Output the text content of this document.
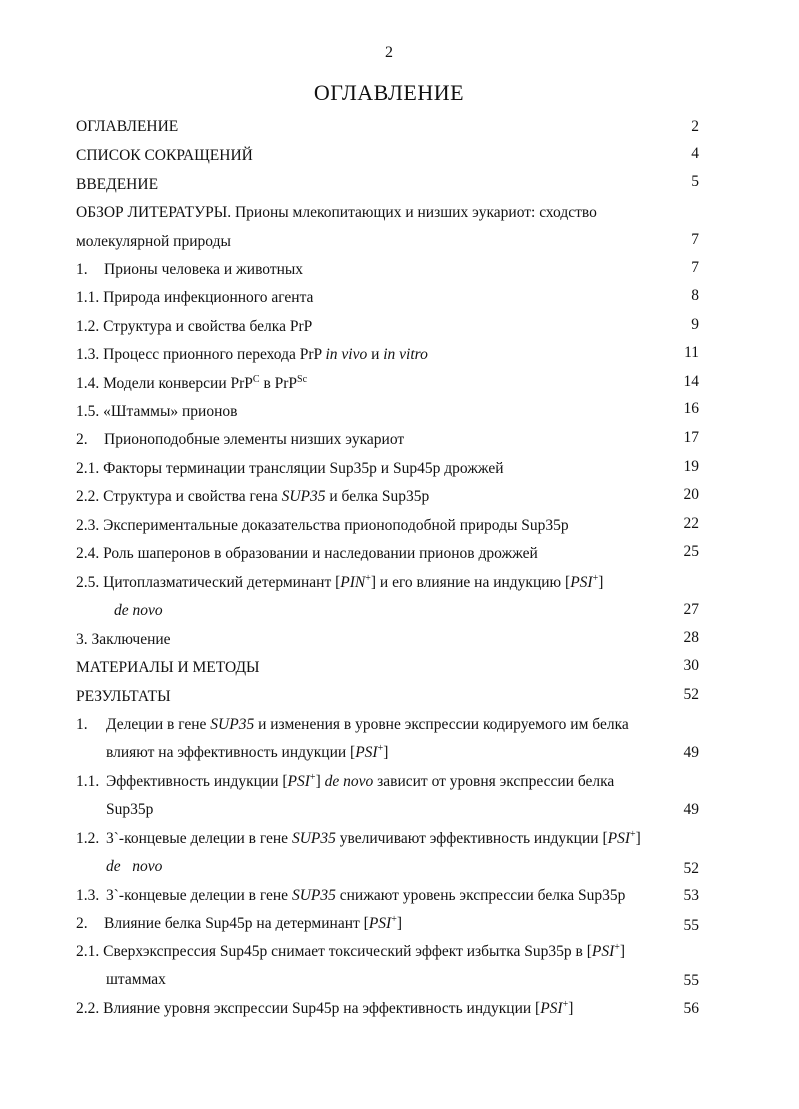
2
ОГЛАВЛЕНИЕ
ОГЛАВЛЕНИЕ	2
СПИСОК СОКРАЩЕНИЙ	4
ВВЕДЕНИЕ	5
ОБЗОР ЛИТЕРАТУРЫ. Прионы млекопитающих и низших эукариот: сходство
молекулярной природы	7
1. Прионы человека и животных	7
1.1. Природа инфекционного агента	8
1.2. Структура и свойства белка PrP	9
1.3. Процесс прионного перехода PrP in vivo и in vitro	11
1.4. Модели конверсии PrP$^C$ в PrP$^{Sc}$	14
1.5. «Штаммы» прионов	16
2. Прионоподобные элементы низших эукариот	17
2.1. Факторы терминации трансляции Sup35p и Sup45p дрожжей	19
2.2. Структура и свойства гена SUP35 и белка Sup35p	20
2.3. Экспериментальные доказательства прионоподобной природы Sup35p	22
2.4. Роль шаперонов в образовании и наследовании прионов дрожжей	25
2.5. Цитоплазматический детерминант [PIN+] и его влияние на индукцию [PSI+]
de novo	27
3. Заключение	28
МАТЕРИАЛЫ И МЕТОДЫ	30
РЕЗУЛЬТАТЫ	52
1. Делеции в гене SUP35 и изменения в уровне экспрессии кодируемого им белка
влияют на эффективность индукции [PSI+]	49
1.1. Эффективность индукции [PSI+] de novo зависит от уровня экспрессии белка
Sup35p	49
1.2. 3`-концевые делеции в гене SUP35 увеличивают эффективность индукции [PSI+]
de   novo	52
1.3. 3`-концевые делеции в гене SUP35 снижают уровень экспрессии белка Sup35p	53
2. Влияние белка Sup45p на детерминант [PSI+]	55
2.1. Сверхэкспрессия Sup45p снимает токсический эффект избытка Sup35p в [PSI+]
штаммах	55
2.2. Влияние уровня экспрессии Sup45p на эффективность индукции [PSI+]	56
